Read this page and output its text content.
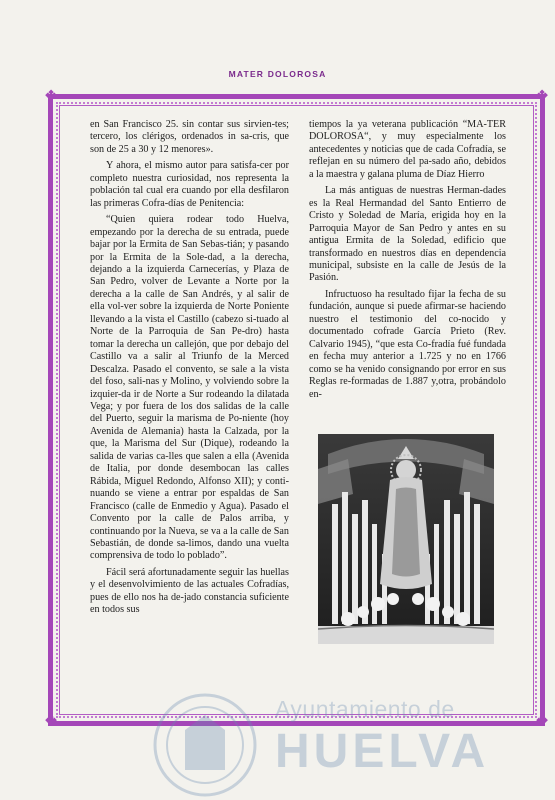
MATER DOLOROSA
❖	❖
❖	❖

en San Francisco 25. sin contar sus sirvien-tes; tercero, los clérigos, ordenados in sa-cris, que son de 25 a 30 y 12 menores».

Y ahora, el mismo autor para satisfa-cer por completo nuestra curiosidad, nos representa la población tal cual era cuando por ella desfilaron las primeras Cofra-días de Penitencia:

“Quien quiera rodear todo Huelva, empezando por la derecha de su entrada, puede bajar por la Ermita de San Sebas-tián; y pasando por la Ermita de la Sole-dad, a la derecha, dejando a la izquierda Carnecerías, y Plaza de San Pedro, volver de Levante a Norte por la derecha a la calle de San Andrés, y al salir de ella vol-ver sobre la izquierda de Norte Poniente llevando a la vista el Castillo (cabezo si-tuado al Norte de la Parroquia de San Pe-dro) hasta tomar la derecha un callejón, que por debajo del Castillo va a salir al Triunfo de la Merced Descalza. Pasado el convento, se sale a la vista del foso, sali-nas y Molino, y volviendo sobre la izquier-da ir de Norte a Sur rodeando la dilatada Vega; y por fuera de los dos salidas de la calle del Puerto, seguir la marisma de Po-niente (hoy Avenida de Alemania) hasta la Calzada, por la que, la Marisma del Sur (Dique), rodeando la salida de varias ca-lles que salen a ella (Avenida de Italia, por donde desembocan las calles Rábida, Miguel Redondo, Alfonso XII); y conti-nuando se viene a entrar por espaldas de San Francisco (calle de Enmedio y Agua). Pasado el Convento por la calle de Palos arriba, y continuando por la Nueva, se va a la calle de San Sebastián, de donde sa-limos, dando una vuelta comprensiva de todo lo poblado”.

Fácil será afortunadamente seguir las huellas y el desenvolvimiento de las actuales Cofradías, pues de ello nos ha de-jado constancia suficiente en todos sus

tiempos la ya veterana publicación “MA-TER DOLOROSA“, y muy especialmente los antecedentes y noticias que de cada Cofradía, se reflejan en su número del pa-sado año, debidos a la maestra y galana pluma de Díaz Hierro

La más antiguas de nuestras Herman-dades es la Real Hermandad del Santo Entierro de Cristo y Soledad de María, erigida hoy en la Parroquia Mayor de San Pedro y antes en su antigua Ermita de la Soledad, edificio que transformado en nuestros días en dependencia municipal, subsiste en la calle de Jesús de la Pasión.

Infructuoso ha resultado fijar la fecha de su fundación, aunque si puede afirmar-se haciendo nuestro el testimonio del co-nocido y documentado cofrade García Prieto (Rev. Calvario 1945), “que esta Co-fradía fué fundada en fecha muy anterior a 1.725 y no en 1766 como se ha venido consignando por error en sus Reglas re-formadas de 1.887 y,otra, probándolo en-

Ayuntamiento de
HUELVA
